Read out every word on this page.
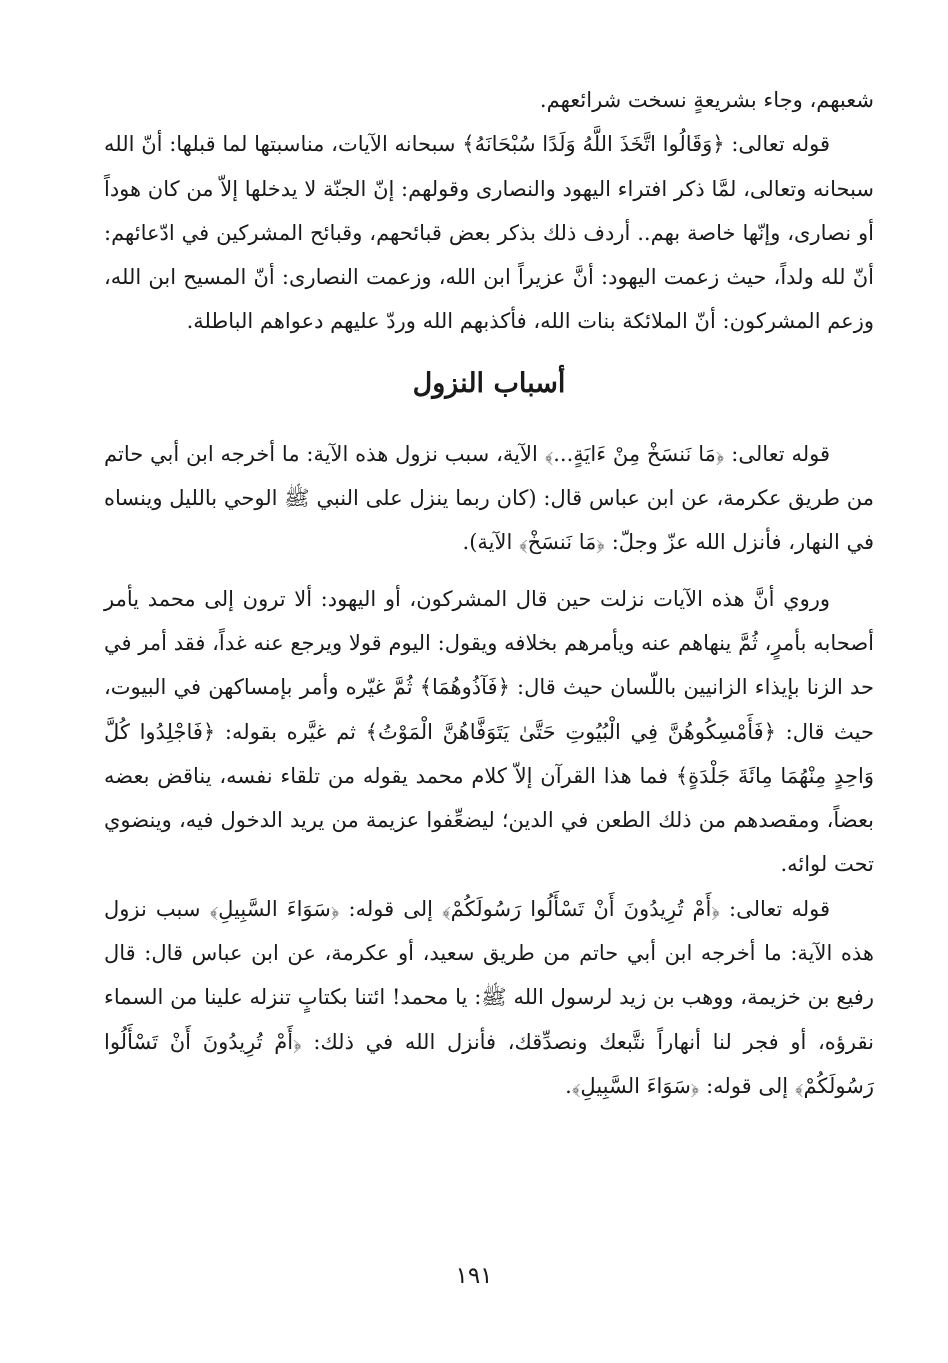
شعبهم، وجاء بشريعةٍ نسخت شرائعهم.

قوله تعالى: ﴿وَقَالُوا اتَّخَذَ اللَّهُ وَلَدًا سُبْحَانَهُ﴾ سبحانه الآيات، مناسبتها لما قبلها: أنّ الله سبحانه وتعالى، لمَّا ذكر افتراء اليهود والنصارى وقولهم: إنّ الجنّة لا يدخلها إلاّ من كان هوداً أو نصارى، وإنّها خاصة بهم.. أردف ذلك بذكر بعض قبائحهم، وقبائح المشركين في ادّعائهم: أنّ لله ولداً، حيث زعمت اليهود: أنَّ عزيراً ابن الله، وزعمت النصارى: أنّ المسيح ابن الله، وزعم المشركون: أنّ الملائكة بنات الله، فأكذبهم الله وردّ عليهم دعواهم الباطلة.

أسباب النزول

قوله تعالى: ﴿مَا نَنسَخْ مِنْ ءَايَةٍ...﴾ الآية، سبب نزول هذه الآية: ما أخرجه ابن أبي حاتم من طريق عكرمة، عن ابن عباس قال: (كان ربما ينزل على النبي ﷺ الوحي بالليل وينساه في النهار، فأنزل الله عزّ وجلّ: ﴿مَا نَنسَخْ﴾ الآية).

وروي أنَّ هذه الآيات نزلت حين قال المشركون، أو اليهود: ألا ترون إلى محمد يأمر أصحابه بأمرٍ، ثُمَّ ينهاهم عنه ويأمرهم بخلافه ويقول: اليوم قولا ويرجع عنه غداً، فقد أمر في حد الزنا بإيذاء الزانيين باللّسان حيث قال: ﴿فَآذُوهُمَا﴾ ثُمَّ غيّره وأمر بإمساكهن في البيوت، حيث قال: ﴿فَأَمْسِكُوهُنَّ فِي الْبُيُوتِ حَتَّىٰ يَتَوَفَّاهُنَّ الْمَوْتُ﴾ ثم غيَّره بقوله: ﴿فَاجْلِدُوا كُلَّ وَاحِدٍ مِنْهُمَا مِائَةَ جَلْدَةٍ﴾ فما هذا القرآن إلاّ كلام محمد يقوله من تلقاء نفسه، يناقض بعضه بعضاً، ومقصدهم من ذلك الطعن في الدين؛ ليضعِّفوا عزيمة من يريد الدخول فيه، وينضوي تحت لوائه.

قوله تعالى: ﴿أَمْ تُرِيدُونَ أَنْ تَسْأَلُوا رَسُولَكُمْ﴾ إلى قوله: ﴿سَوَاءَ السَّبِيلِ﴾ سبب نزول هذه الآية: ما أخرجه ابن أبي حاتم من طريق سعيد، أو عكرمة، عن ابن عباس قال: قال رفيع بن خزيمة، ووهب بن زيد لرسول الله ﷺ: يا محمد! ائتنا بكتابٍ تنزله علينا من السماء نقرؤه، أو فجر لنا أنهاراً نتَّبعك ونصدِّقك، فأنزل الله في ذلك: ﴿أَمْ تُرِيدُونَ أَنْ تَسْأَلُوا رَسُولَكُمْ﴾ إلى قوله: ﴿سَوَاءَ السَّبِيلِ﴾.

١٩١
